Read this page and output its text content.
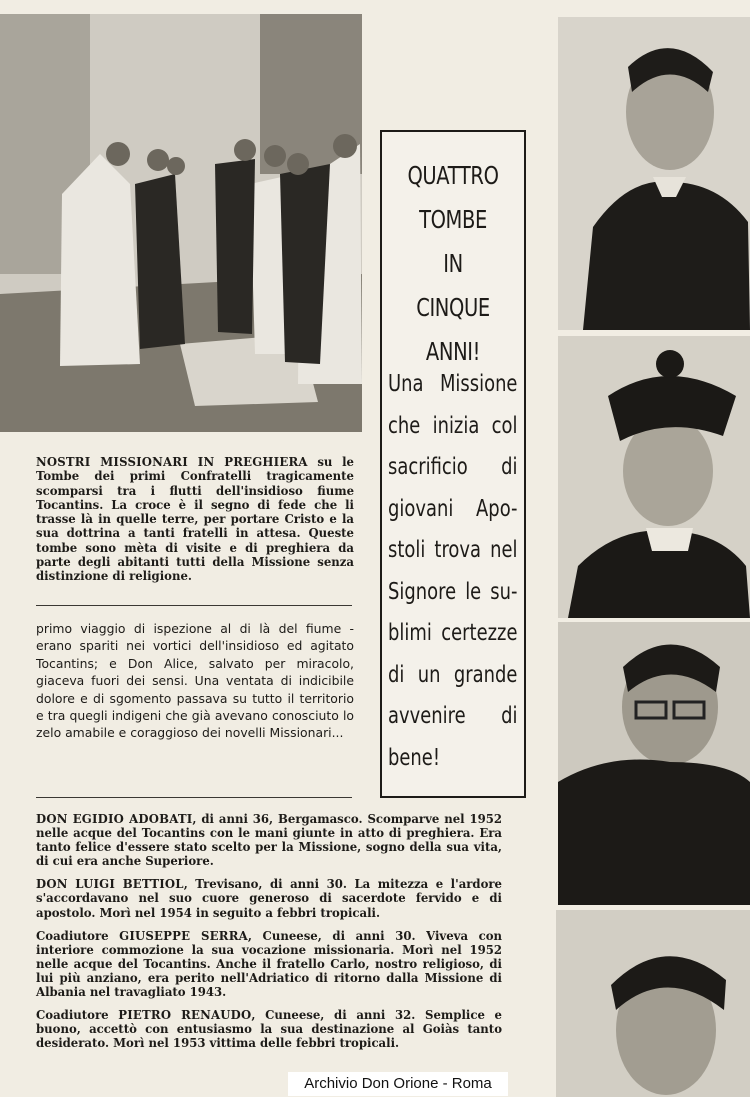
NOSTRI MISSIONARI IN PREGHIERA su le Tombe dei primi Confratelli tragicamente scomparsi tra i flutti dell'insidioso fiume Tocantins. La croce è il segno di fede che li trasse là in quelle terre, per portare Cristo e la sua dottrina a tanti fratelli in attesa. Queste tombe sono mèta di visite e di preghiera da parte degli abitanti tutti della Missione senza distinzione di religione.
primo viaggio di ispezione al di là del fiume - erano spariti nei vortici dell'insidioso ed agitato Tocantins; e Don Alice, salvato per miracolo, giaceva fuori dei sensi. Una ventata di indicibile dolore e di sgomento passava su tutto il territorio e tra quegli indigeni che già avevano conosciuto lo zelo amabile e coraggioso dei novelli Missionari...
QUATTRO
TOMBE
IN
CINQUE ANNI!
Una Missione
che inizia col
sacrificio di
giovani Apo-
stoli trova nel
Signore le su-
blimi certezze
di un grande
avvenire di
bene!

DON EGIDIO ADOBATI, di anni 36, Bergamasco. Scomparve nel 1952 nelle acque del Tocantins con le mani giunte in atto di preghiera. Era tanto felice d'essere stato scelto per la Missione, sogno della sua vita, di cui era anche Superiore.

DON LUIGI BETTIOL, Trevisano, di anni 30. La mitezza e l'ardore s'accordavano nel suo cuore generoso di sacerdote fervido e di apostolo. Morì nel 1954 in seguito a febbri tropicali.

Coadiutore GIUSEPPE SERRA, Cuneese, di anni 30. Viveva con interiore commozione la sua vocazione missionaria. Morì nel 1952 nelle acque del Tocantins. Anche il fratello Carlo, nostro religioso, di lui più anziano, era perito nell'Adriatico di ritorno dalla Missione di Albania nel travagliato 1943.

Coadiutore PIETRO RENAUDO, Cuneese, di anni 32. Semplice e buono, accettò con entusiasmo la sua destinazione al Goiàs tanto desiderato. Morì nel 1953 vittima delle febbri tropicali.

Archivio Don Orione - Roma
